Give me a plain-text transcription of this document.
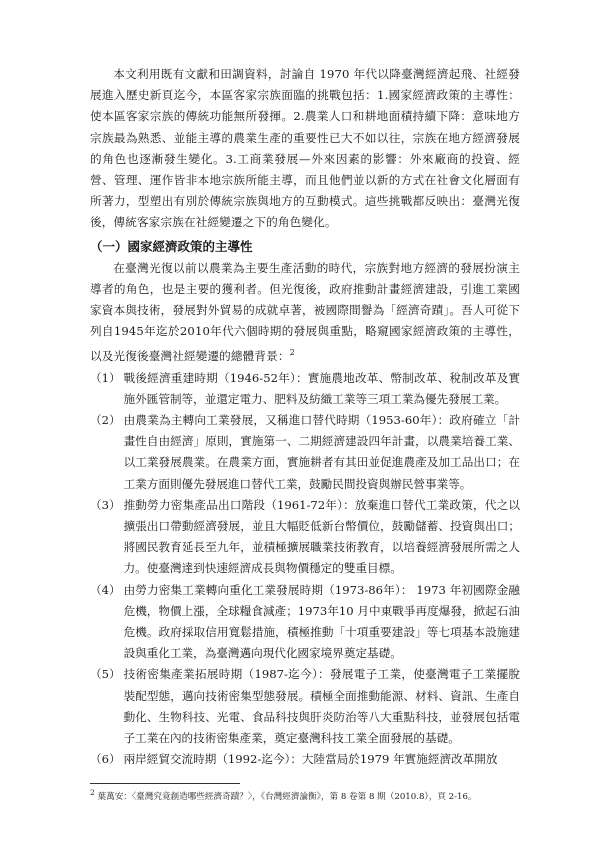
本文利用既有文獻和田調資料，討論自 1970 年代以降臺灣經濟起飛、社經發展進入歷史新頁迄今，本區客家宗族面臨的挑戰包括：1.國家經濟政策的主導性：使本區客家宗族的傳統功能無所發揮。2.農業人口和耕地面積持續下降：意味地方宗族最為熟悉、並能主導的農業生產的重要性已大不如以往，宗族在地方經濟發展的角色也逐漸發生變化。3.工商業發展—外來因素的影響：外來廠商的投資、經營、管理、運作皆非本地宗族所能主導，而且他們並以新的方式在社會文化層面有所著力，型塑出有別於傳統宗族與地方的互動模式。這些挑戰都反映出：臺灣光復後，傳統客家宗族在社經變遷之下的角色變化。

（一）國家經濟政策的主導性

在臺灣光復以前以農業為主要生產活動的時代，宗族對地方經濟的發展扮演主導者的角色，也是主要的獲利者。但光復後，政府推動計畫經濟建設，引進工業國家資本與技術，發展對外貿易的成就卓著，被國際間譽為「經濟奇蹟」。吾人可從下列自1945年迄於2010年代六個時期的發展與重點，略窺國家經濟政策的主導性，以及光復後臺灣社經變遷的總體背景：$^2$

（1） 戰後經濟重建時期（1946-52年）：實施農地改革、幣制改革、稅制改革及實施外匯管制等，並還定電力、肥料及紡織工業等三項工業為優先發展工業。
（2） 由農業為主轉向工業發展，又稱進口替代時期（1953-60年）：政府確立「計畫性自由經濟」原則，實施第一、二期經濟建設四年計畫，以農業培養工業、以工業發展農業。在農業方面，實施耕者有其田並促進農產及加工品出口；在工業方面則優先發展進口替代工業，鼓勵民間投資與辦民營事業等。
（3） 推動勞力密集產品出口階段（1961-72年）：放棄進口替代工業政策，代之以擴張出口帶動經濟發展，並且大幅貶低新台幣價位，鼓勵儲蓄、投資與出口；將國民教育延長至九年，並積極擴展職業技術教育，以培養經濟發展所需之人力。使臺灣達到快速經濟成長與物價穩定的雙重目標。
（4） 由勞力密集工業轉向重化工業發展時期（1973-86年）： 1973 年初國際金融危機，物價上漲，全球糧食減產；1973年10 月中東戰爭再度爆發，掀起石油危機。政府採取信用寬鬆措施，積極推動「十項重要建設」等七項基本設施建設與重化工業，為臺灣邁向現代化國家境界奠定基礎。
（5） 技術密集產業拓展時期（1987-迄今）：發展電子工業，使臺灣電子工業擺脫裝配型態，邁向技術密集型態發展。積極全面推動能源、材料、資訊、生產自動化、生物科技、光電、食品科技與肝炎防治等八大重點科技，並發展包括電子工業在內的技術密集產業，奠定臺灣科技工業全面發展的基礎。
（6） 兩岸經貿交流時期（1992-迄今）：大陸當局於1979 年實施經濟改革開放
2 葉萬安：〈臺灣究竟創造哪些經濟奇蹟？〉，《台灣經濟論衡》，第 8 卷第 8 期（2010.8），頁 2-16。
